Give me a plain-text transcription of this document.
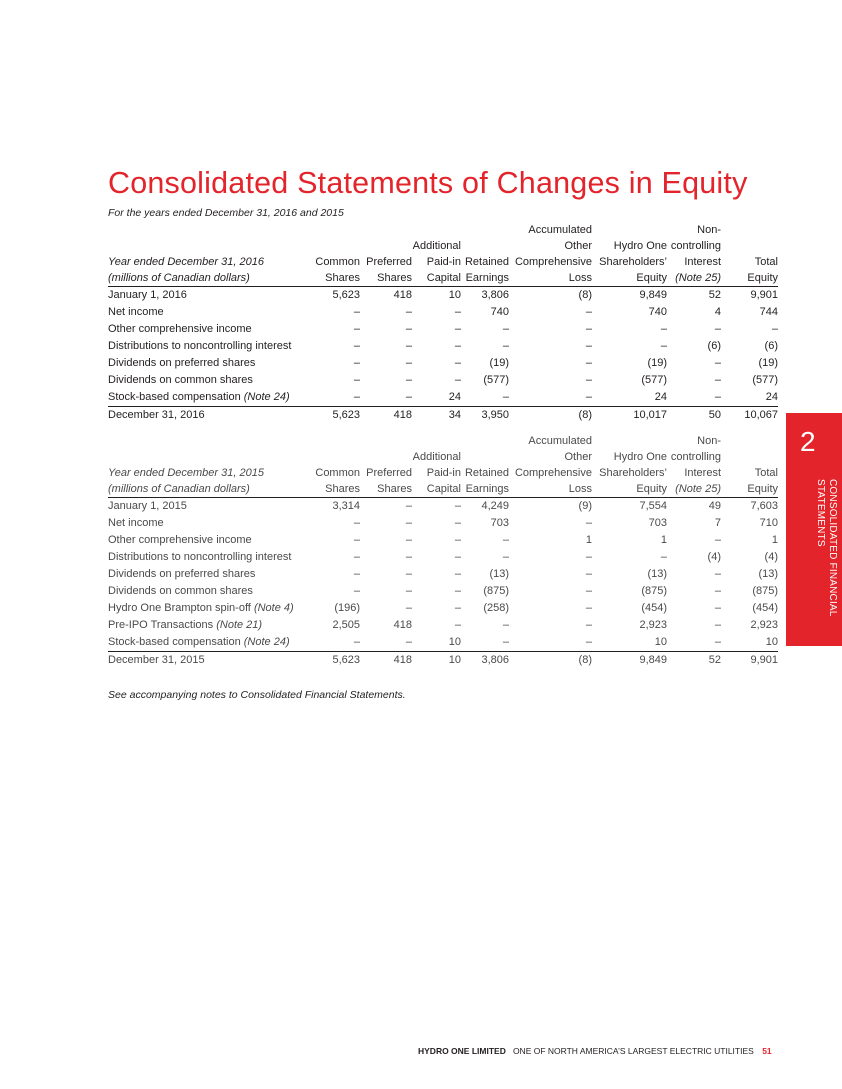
Consolidated Statements of Changes in Equity
For the years ended December 31, 2016 and 2015
					Accumulated		Non-	
			Additional		Other	Hydro One	controlling	
Year ended December 31, 2016	Common	Preferred	Paid-in	Retained	Comprehensive	Shareholders’	Interest	Total
(millions of Canadian dollars)	Shares	Shares	Capital	Earnings	Loss	Equity	(Note 25)	Equity
January 1, 2016	5,623	418	10	3,806	(8)	9,849	52	9,901
Net income	–	–	–	740	–	740	4	744
Other comprehensive income	–	–	–	–	–	–	–	–
Distributions to noncontrolling interest	–	–	–	–	–	–	(6)	(6)
Dividends on preferred shares	–	–	–	(19)	–	(19)	–	(19)
Dividends on common shares	–	–	–	(577)	–	(577)	–	(577)
Stock-based compensation (Note 24)	–	–	24	–	–	24	–	24
December 31, 2016	5,623	418	34	3,950	(8)	10,017	50	10,067
					Accumulated		Non-	
			Additional		Other	Hydro One	controlling	
Year ended December 31, 2015	Common	Preferred	Paid-in	Retained	Comprehensive	Shareholders’	Interest	Total
(millions of Canadian dollars)	Shares	Shares	Capital	Earnings	Loss	Equity	(Note 25)	Equity
January 1, 2015	3,314	–	–	4,249	(9)	7,554	49	7,603
Net income	–	–	–	703	–	703	7	710
Other comprehensive income	–	–	–	–	1	1	–	1
Distributions to noncontrolling interest	–	–	–	–	–	–	(4)	(4)
Dividends on preferred shares	–	–	–	(13)	–	(13)	–	(13)
Dividends on common shares	–	–	–	(875)	–	(875)	–	(875)
Hydro One Brampton spin-off (Note 4)	(196)	–	–	(258)	–	(454)	–	(454)
Pre-IPO Transactions (Note 21)	2,505	418	–	–	–	2,923	–	2,923
Stock-based compensation (Note 24)	–	–	10	–	–	10	–	10
December 31, 2015	5,623	418	10	3,806	(8)	9,849	52	9,901
See accompanying notes to Consolidated Financial Statements.
2
CONSOLIDATED FINANCIAL
STATEMENTS
HYDRO ONE LIMITED ONE OF NORTH AMERICA’S LARGEST ELECTRIC UTILITIES 51
